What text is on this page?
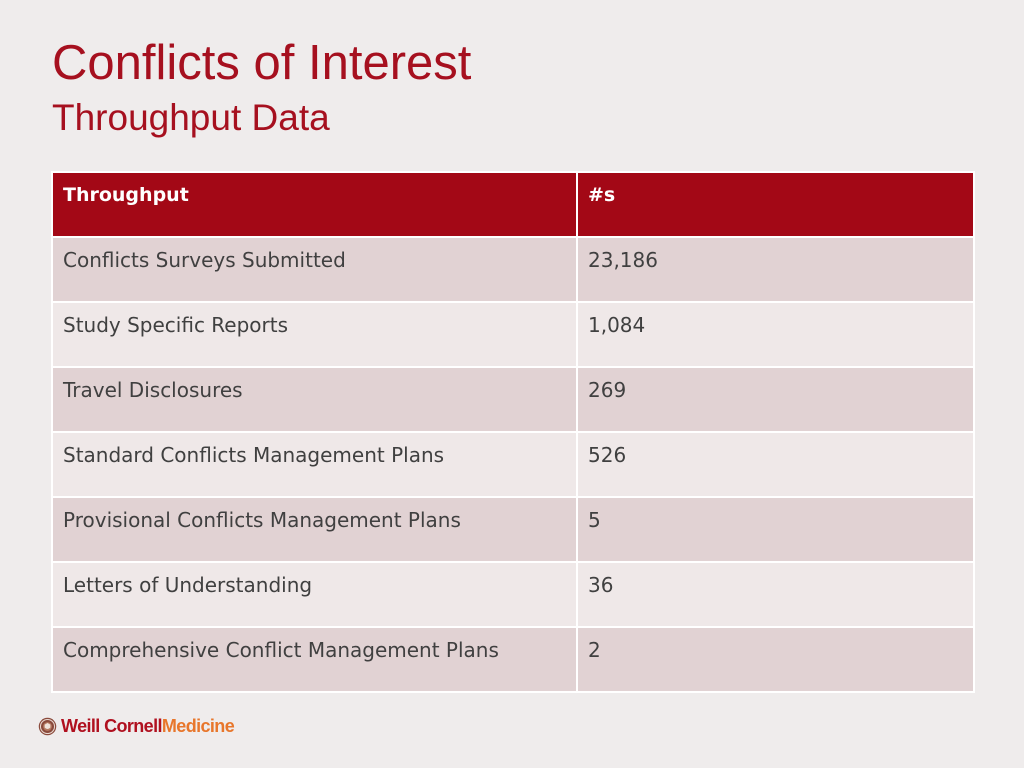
Conflicts of Interest
Throughput Data
Throughput	#s
Conflicts Surveys Submitted	23,186
Study Specific Reports	1,084
Travel Disclosures	269
Standard Conflicts Management Plans	526
Provisional Conflicts Management Plans	5
Letters of Understanding	36
Comprehensive Conflict Management Plans	2
Weill CornellMedicine
